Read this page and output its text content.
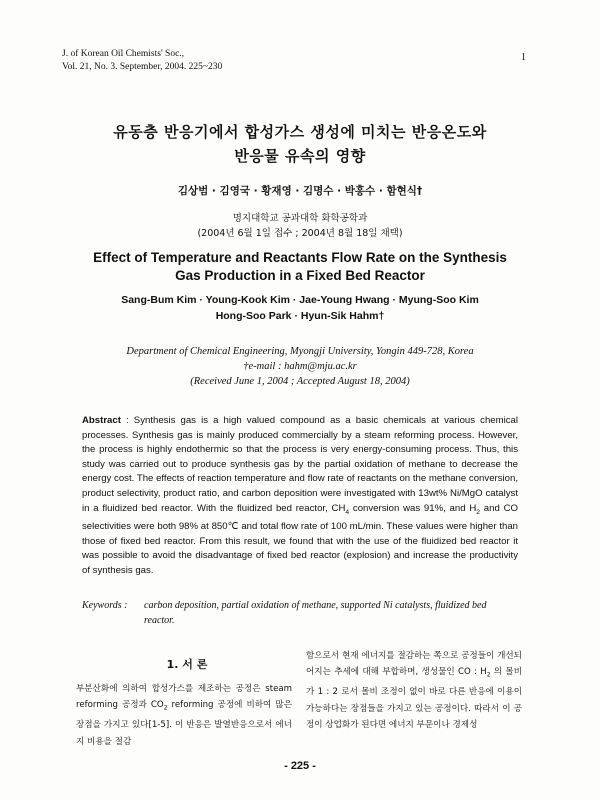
J. of Korean Oil Chemists' Soc.,
Vol. 21, No. 3. September, 2004. 225~230
1
유동층 반응기에서 합성가스 생성에 미치는 반응온도와
반응물 유속의 영향
김상범 · 김영국 · 황재영 · 김명수 · 박홍수 · 함현식†
명지대학교 공과대학 화학공학과
(2004년 6월 1일 접수 ; 2004년 8월 18일 채택)
Effect of Temperature and Reactants Flow Rate on the Synthesis
Gas Production in a Fixed Bed Reactor
Sang-Bum Kim · Young-Kook Kim · Jae-Young Hwang · Myung-Soo Kim
Hong-Soo Park · Hyun-Sik Hahm†
Department of Chemical Engineering, Myongji University, Yongin 449-728, Korea
†e-mail : hahm@mju.ac.kr
(Received June 1, 2004 ; Accepted August 18, 2004)
Abstract : Synthesis gas is a high valued compound as a basic chemicals at various chemical processes. Synthesis gas is mainly produced commercially by a steam reforming process. However, the process is highly endothermic so that the process is very energy-consuming process. Thus, this study was carried out to produce synthesis gas by the partial oxidation of methane to decrease the energy cost. The effects of reaction temperature and flow rate of reactants on the methane conversion, product selectivity, product ratio, and carbon deposition were investigated with 13wt% Ni/MgO catalyst in a fluidized bed reactor. With the fluidized bed reactor, $CH_4$ conversion was 91%, and $H_2$ and CO selectivities were both 98% at 850℃ and total flow rate of 100 mL/min. These values were higher than those of fixed bed reactor. From this result, we found that with the use of the fluidized bed reactor it was possible to avoid the disadvantage of fixed bed reactor (explosion) and increase the productivity of synthesis gas.
Keywords :	carbon deposition, partial oxidation of methane, supported Ni catalysts, fluidized bed reactor.
1. 서 론
부분산화에 의하여 합성가스를 제조하는 공정은 steam reforming 공정과 $CO_2$ reforming 공정에 비하여 많은 장점을 가지고 있다[1-5]. 이 반응은 발열반응으로서 에너지 비용을 절감
함으로서 현재 에너지를 절감하는 쪽으로 공정들이 개선되어지는 추세에 대해 부합하며, 생성물인 CO : $H_2$ 의 몰비가 1 : 2 로서 몰비 조정이 없이 바로 다른 반응에 이용이 가능하다는 장점들을 가지고 있는 공정이다. 따라서 이 공정이 상업화가 된다면 에너지 부문이나 경제성
- 225 -
